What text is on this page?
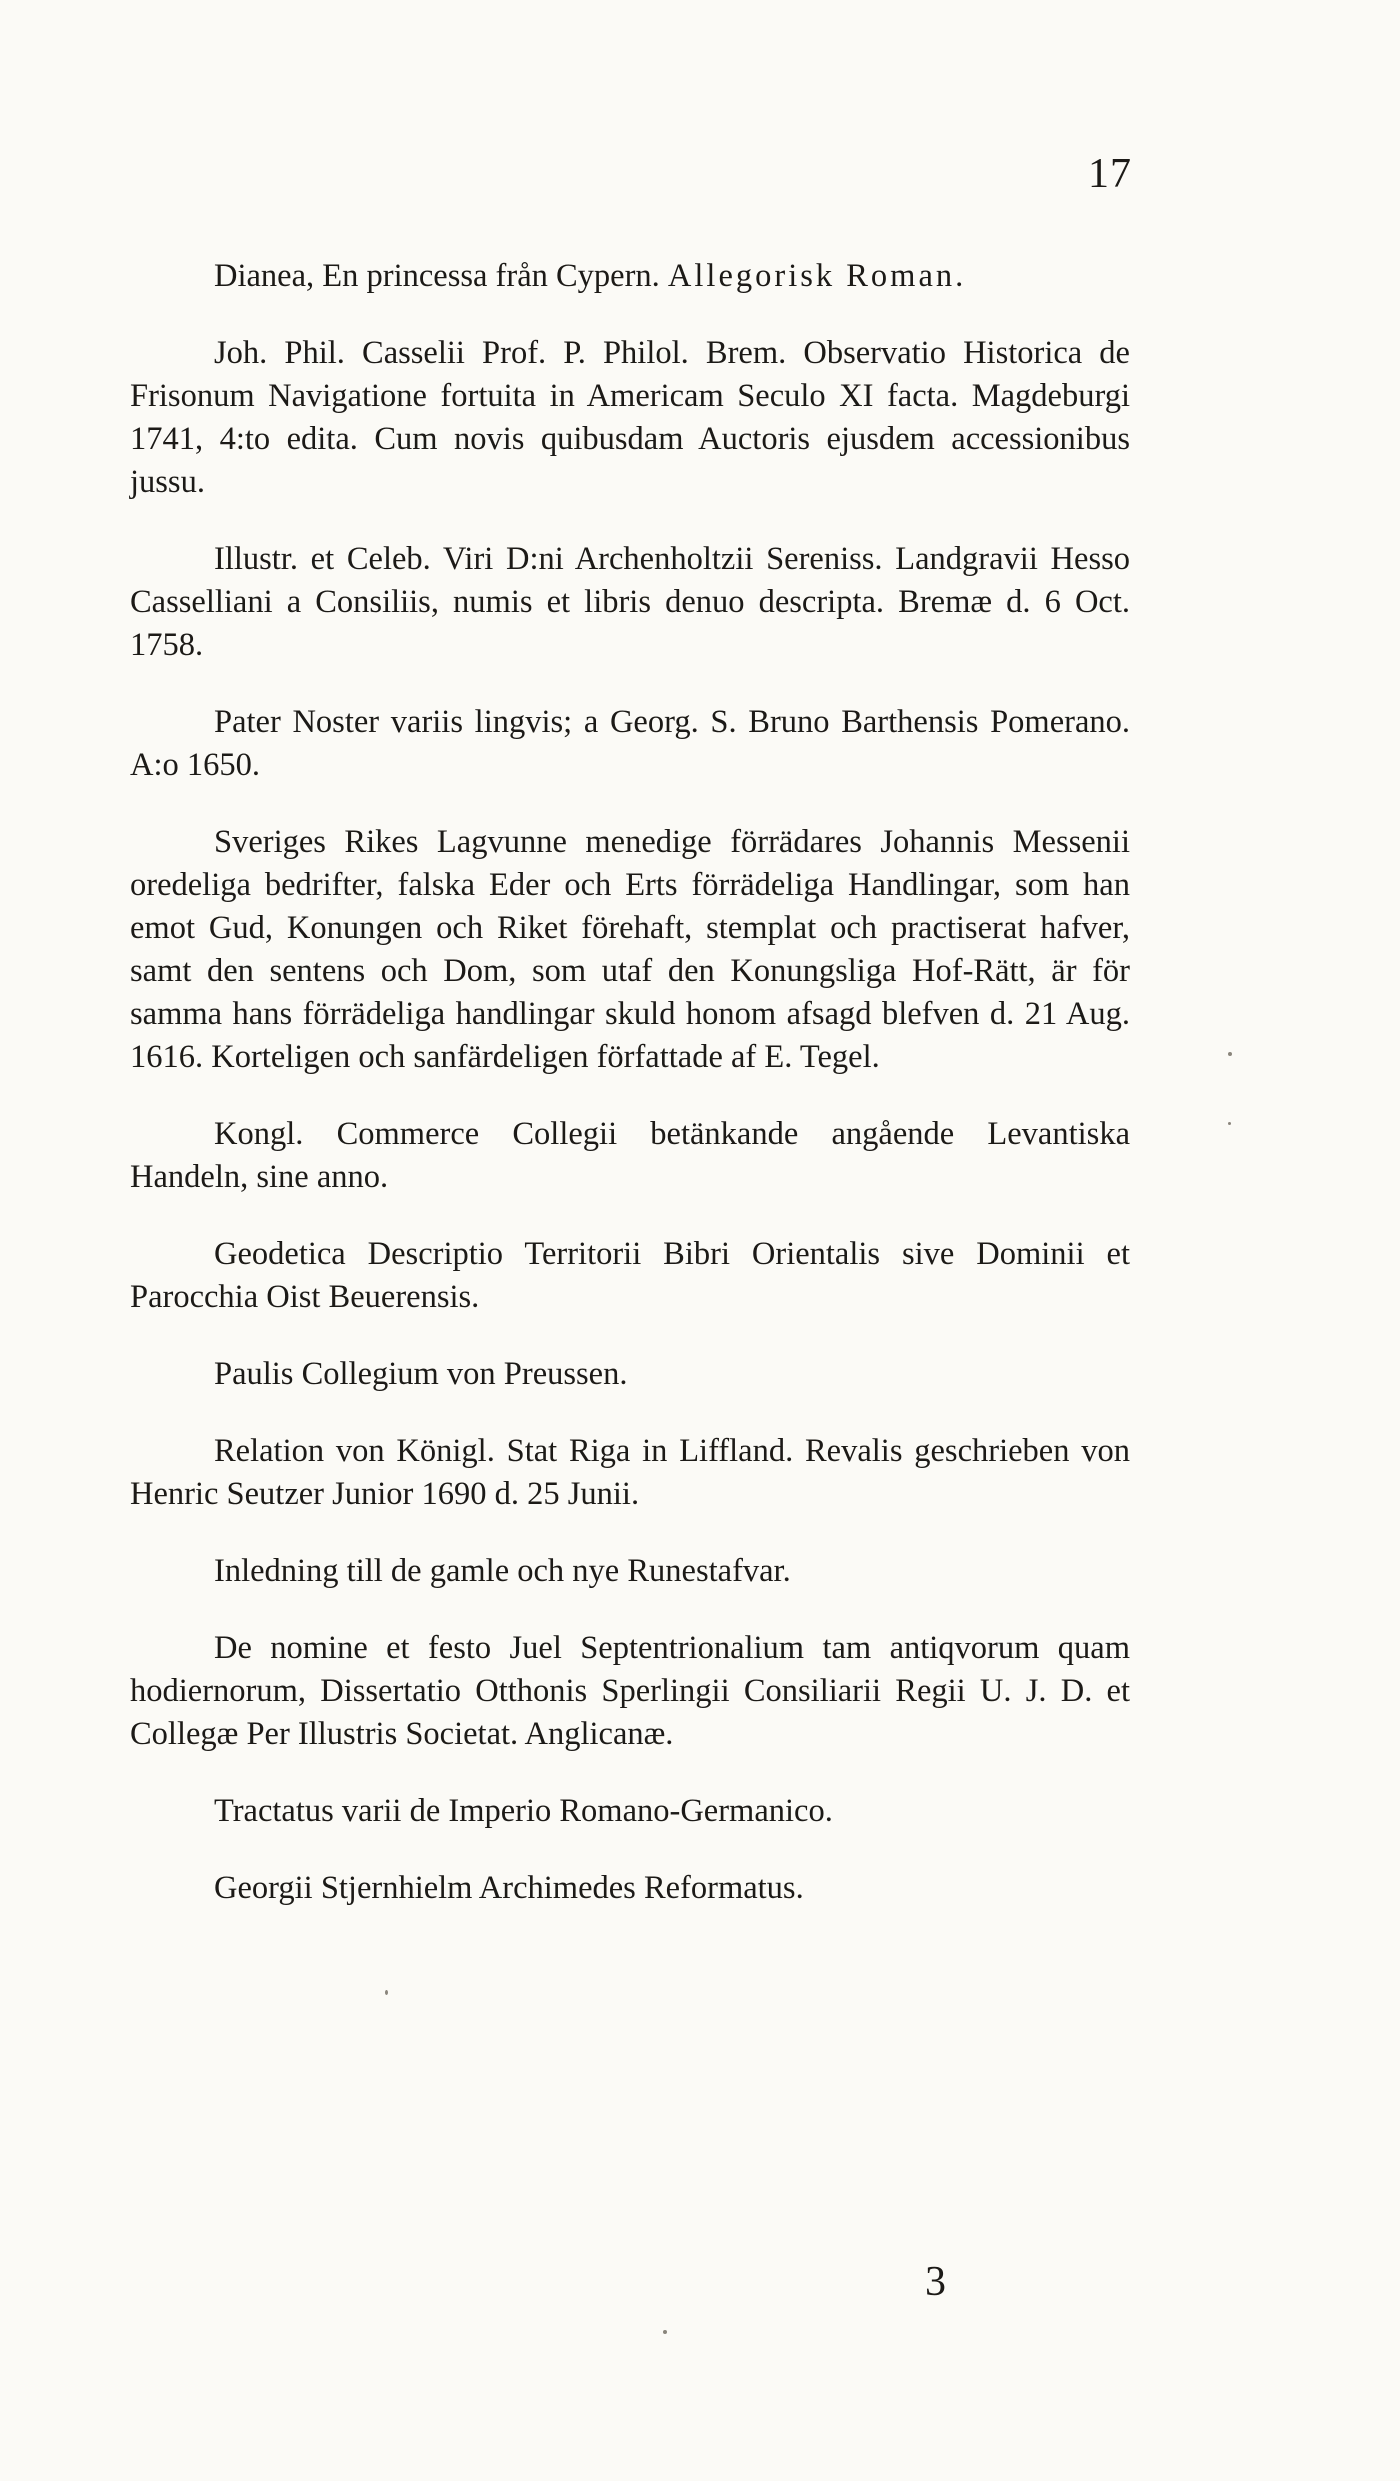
17

Dianea, En princessa från Cypern. Allegorisk Roman.

Joh. Phil. Casselii Prof. P. Philol. Brem. Observatio Historica de Frisonum Navigatione fortuita in Americam Seculo XI facta. Magdeburgi 1741, 4:to edita. Cum novis quibusdam Auctoris ejusdem accessionibus jussu.

Illustr. et Celeb. Viri D:ni Archenholtzii Sereniss. Landgravii Hesso Casselliani a Consiliis, numis et libris denuo descripta. Bremæ d. 6 Oct. 1758.

Pater Noster variis lingvis; a Georg. S. Bruno Barthensis Pomerano. A:o 1650.

Sveriges Rikes Lagvunne menedige förrädares Johannis Messenii oredeliga bedrifter, falska Eder och Erts förrädeliga Handlingar, som han emot Gud, Konungen och Riket förehaft, stemplat och practiserat hafver, samt den sentens och Dom, som utaf den Konungsliga Hof-Rätt, är för samma hans förrädeliga handlingar skuld honom afsagd blefven d. 21 Aug. 1616. Korteligen och sanfärdeligen författade af E. Tegel.

Kongl. Commerce Collegii betänkande angående Levantiska Handeln, sine anno.

Geodetica Descriptio Territorii Bibri Orientalis sive Dominii et Parocchia Oist Beuerensis.

Paulis Collegium von Preussen.

Relation von Königl. Stat Riga in Liffland. Revalis geschrieben von Henric Seutzer Junior 1690 d. 25 Junii.

Inledning till de gamle och nye Runestafvar.

De nomine et festo Juel Septentrionalium tam antiqvorum quam hodiernorum, Dissertatio Otthonis Sperlingii Consiliarii Regii U. J. D. et Collegæ Per Illustris Societat. Anglicanæ.

Tractatus varii de Imperio Romano-Germanico.

Georgii Stjernhielm Archimedes Reformatus.

3
